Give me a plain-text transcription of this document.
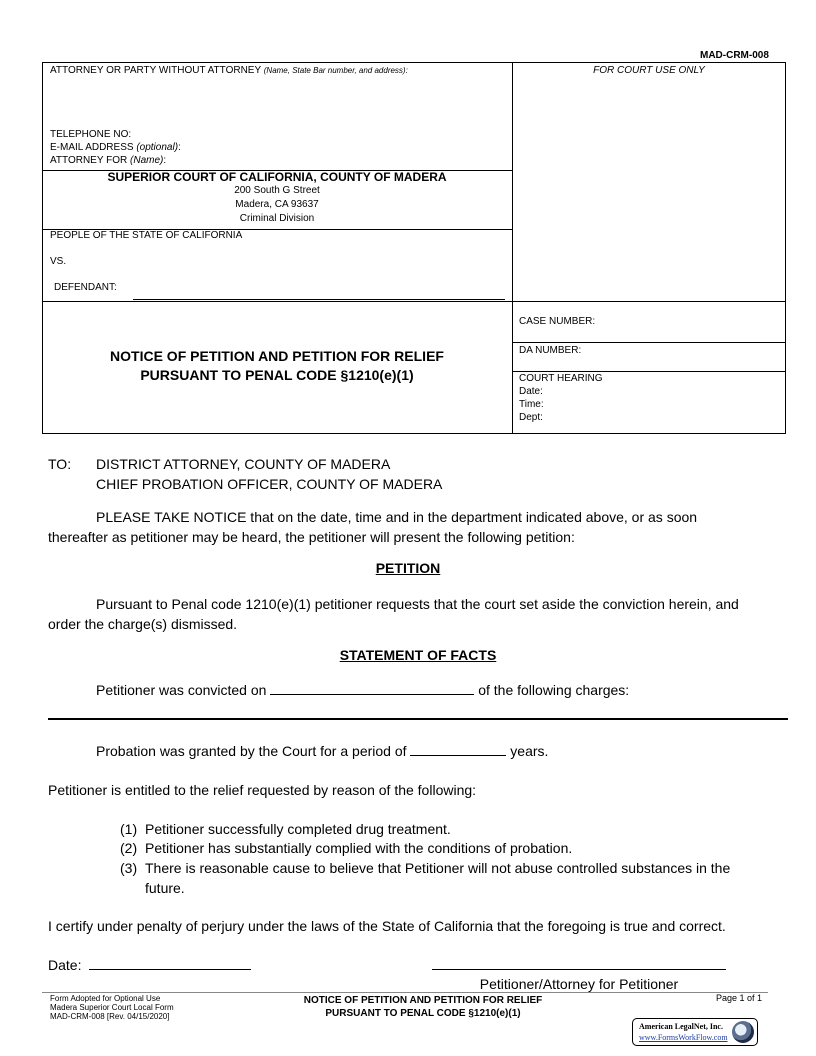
MAD-CRM-008
ATTORNEY OR PARTY WITHOUT ATTORNEY (Name, State Bar number, and address):
TELEPHONE NO:
E-MAIL ADDRESS (optional):
ATTORNEY FOR (Name):
FOR COURT USE ONLY
SUPERIOR COURT OF CALIFORNIA, COUNTY OF MADERA
200 South G Street
Madera, CA 93637
Criminal Division
PEOPLE OF THE STATE OF CALIFORNIA
VS.
DEFENDANT:
CASE NUMBER:
DA NUMBER:
COURT HEARING
Date:
Time:
Dept:
NOTICE OF PETITION AND PETITION FOR RELIEF
PURSUANT TO PENAL CODE §1210(e)(1)
TO: DISTRICT ATTORNEY, COUNTY OF MADERA
CHIEF PROBATION OFFICER, COUNTY OF MADERA
PLEASE TAKE NOTICE that on the date, time and in the department indicated above, or as soon
thereafter as petitioner may be heard, the petitioner will present the following petition:
PETITION
Pursuant to Penal code 1210(e)(1) petitioner requests that the court set aside the conviction herein, and
order the charge(s) dismissed.
STATEMENT OF FACTS
Petitioner was convicted on	of the following charges:
Probation was granted by the Court for a period of	years.
Petitioner is entitled to the relief requested by reason of the following:
(1) Petitioner successfully completed drug treatment.
(2) Petitioner has substantially complied with the conditions of probation.
(3) There is reasonable cause to believe that Petitioner will not abuse controlled substances in the
future.
I certify under penalty of perjury under the laws of the State of California that the foregoing is true and correct.
Date:
Petitioner/Attorney for Petitioner
Form Adopted for Optional Use
Madera Superior Court Local Form
MAD-CRM-008 [Rev. 04/15/2020]
NOTICE OF PETITION AND PETITION FOR RELIEF
PURSUANT TO PENAL CODE §1210(e)(1)
Page 1 of 1
American LegalNet, Inc.
www.FormsWorkFlow.com
